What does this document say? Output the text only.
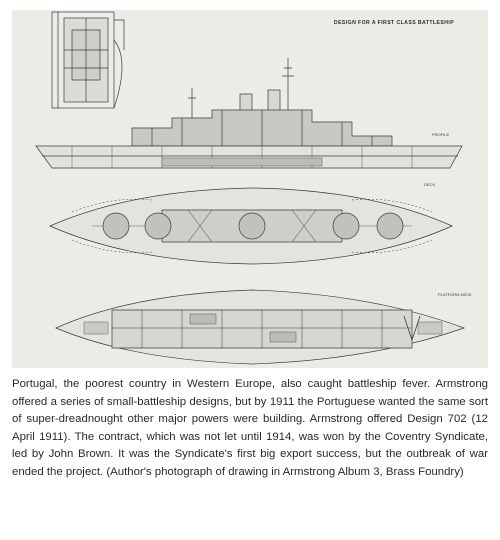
DESIGN FOR A FIRST CLASS BATTLESHIP
PROFILE
DECK
PLATFORM DECK

Portugal, the poorest country in Western Europe, also caught battleship fever. Armstrong offered a series of small-battleship designs, but by 1911 the Portuguese wanted the same sort of super-dreadnought other major powers were building. Armstrong offered Design 702 (12 April 1911). The contract, which was not let until 1914, was won by the Coventry Syndicate, led by John Brown. It was the Syndicate's first big export success, but the outbreak of war ended the project. (Author's photograph of drawing in Armstrong Album 3, Brass Foundry)
